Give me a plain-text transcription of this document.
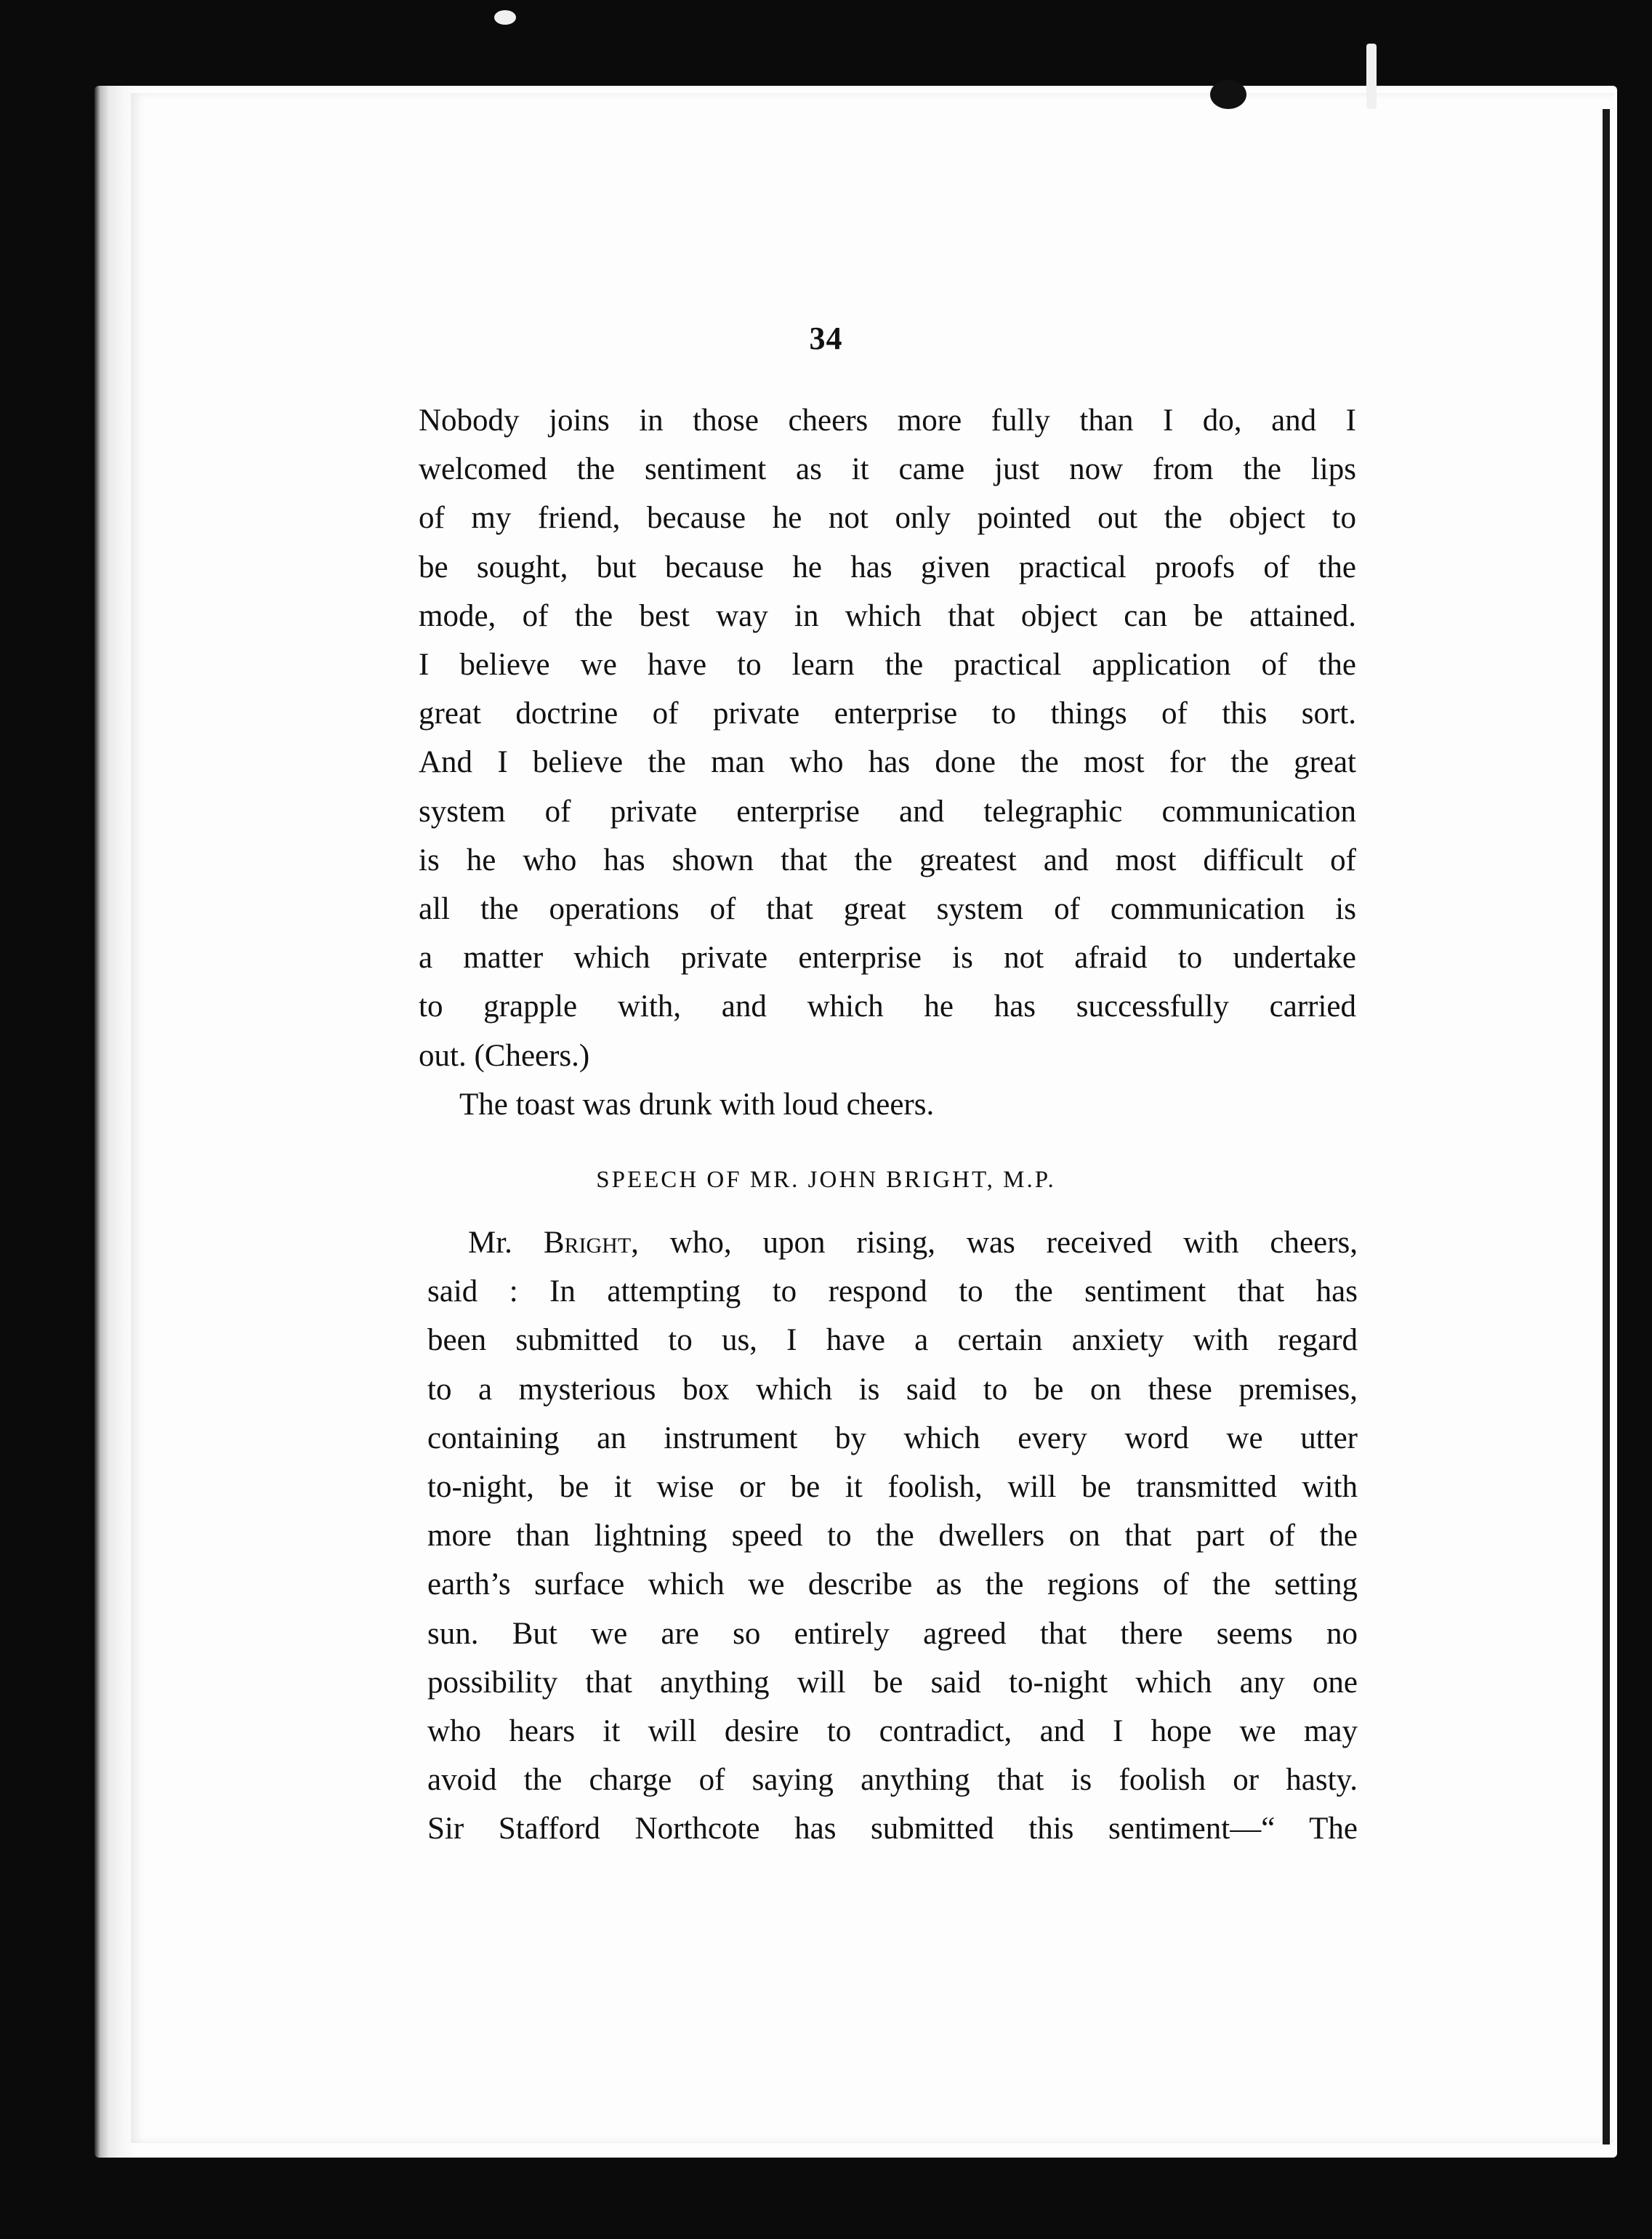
34
Nobody joins in those cheers more fully than I do, and I
welcomed the sentiment as it came just now from the lips
of my friend, because he not only pointed out the object to
be sought, but because he has given practical proofs of the
mode, of the best way in which that object can be attained.
I believe we have to learn the practical application of the
great doctrine of private enterprise to things of this sort.
And I believe the man who has done the most for the great
system of private enterprise and telegraphic communication
is he who has shown that the greatest and most difficult of
all the operations of that great system of communication is
a matter which private enterprise is not afraid to undertake
to grapple with, and which he has successfully carried
out. (Cheers.)
The toast was drunk with loud cheers.
SPEECH OF MR. JOHN BRIGHT, M.P.
Mr. Bright, who, upon rising, was received with cheers,
said : In attempting to respond to the sentiment that has
been submitted to us, I have a certain anxiety with regard
to a mysterious box which is said to be on these premises,
containing an instrument by which every word we utter
to-night, be it wise or be it foolish, will be transmitted with
more than lightning speed to the dwellers on that part of the
earth’s surface which we describe as the regions of the setting
sun. But we are so entirely agreed that there seems no
possibility that anything will be said to-night which any one
who hears it will desire to contradict, and I hope we may
avoid the charge of saying anything that is foolish or hasty.
Sir Stafford Northcote has submitted this sentiment—“ The
